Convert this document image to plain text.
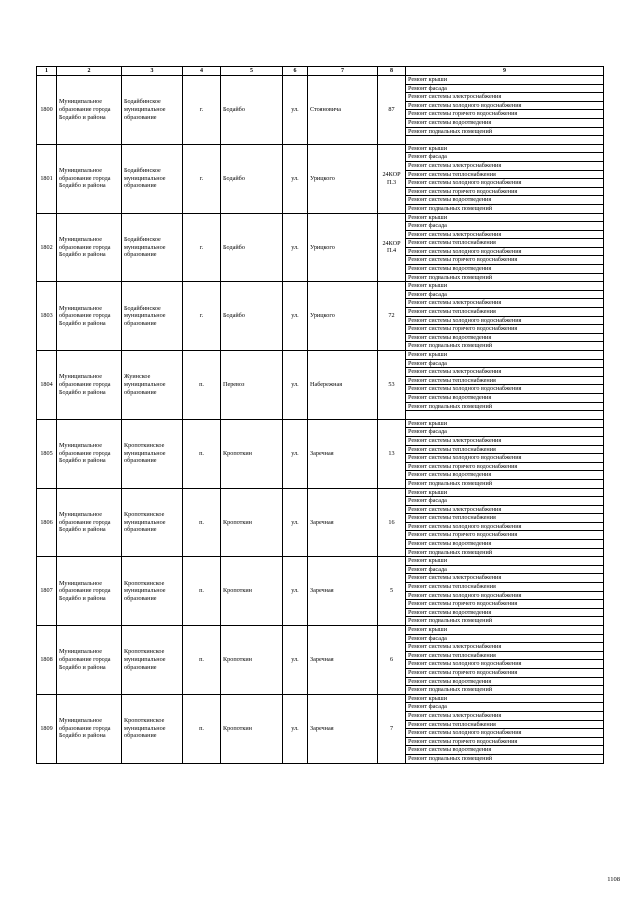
1	2	3	4	5	6	7	8	9
1800	Муниципальное образование города Бодайбо и района	Бодайбинское муниципальное образование	г.	Бодайбо	ул.	Стояновича	87	Ремонт крыши
								Ремонт фасада
								Ремонт системы электроснабжения
								Ремонт системы холодного водоснабжения
								Ремонт системы горячего водоснабжения
								Ремонт системы водоотведения
								Ремонт подвальных помещений

1801	Муниципальное образование города Бодайбо и района	Бодайбинское муниципальное образование	г.	Бодайбо	ул.	Урицкого	24КОР П.3	Ремонт крыши
								Ремонт фасада
								Ремонт системы электроснабжения
								Ремонт системы теплоснабжения
								Ремонт системы холодного водоснабжения
								Ремонт системы горячего водоснабжения
								Ремонт системы водоотведения
								Ремонт подвальных помещений
1802	Муниципальное образование города Бодайбо и района	Бодайбинское муниципальное образование	г.	Бодайбо	ул.	Урицкого	24КОР П.4	Ремонт крыши
								Ремонт фасада
								Ремонт системы электроснабжения
								Ремонт системы теплоснабжения
								Ремонт системы холодного водоснабжения
								Ремонт системы горячего водоснабжения
								Ремонт системы водоотведения
								Ремонт подвальных помещений
1803	Муниципальное образование города Бодайбо и района	Бодайбинское муниципальное образование	г.	Бодайбо	ул.	Урицкого	72	Ремонт крыши
								Ремонт фасада
								Ремонт системы электроснабжения
								Ремонт системы теплоснабжения
								Ремонт системы холодного водоснабжения
								Ремонт системы горячего водоснабжения
								Ремонт системы водоотведения
								Ремонт подвальных помещений
1804	Муниципальное образование города Бодайбо и района	Жуинское муниципальное образование	п.	Перевоз	ул.	Набережная	53	Ремонт крыши
								Ремонт фасада
								Ремонт системы электроснабжения
								Ремонт системы теплоснабжения
								Ремонт системы холодного водоснабжения
								Ремонт системы водоотведения
								Ремонт подвальных помещений

1805	Муниципальное образование города Бодайбо и района	Кропоткинское муниципальное образование	п.	Кропоткин	ул.	Заречная	13	Ремонт крыши
								Ремонт фасада
								Ремонт системы электроснабжения
								Ремонт системы теплоснабжения
								Ремонт системы холодного водоснабжения
								Ремонт системы горячего водоснабжения
								Ремонт системы водоотведения
								Ремонт подвальных помещений
1806	Муниципальное образование города Бодайбо и района	Кропоткинское муниципальное образование	п.	Кропоткин	ул.	Заречная	16	Ремонт крыши
								Ремонт фасада
								Ремонт системы электроснабжения
								Ремонт системы теплоснабжения
								Ремонт системы холодного водоснабжения
								Ремонт системы горячего водоснабжения
								Ремонт системы водоотведения
								Ремонт подвальных помещений
1807	Муниципальное образование города Бодайбо и района	Кропоткинское муниципальное образование	п.	Кропоткин	ул.	Заречная	5	Ремонт крыши
								Ремонт фасада
								Ремонт системы электроснабжения
								Ремонт системы теплоснабжения
								Ремонт системы холодного водоснабжения
								Ремонт системы горячего водоснабжения
								Ремонт системы водоотведения
								Ремонт подвальных помещений
1808	Муниципальное образование города Бодайбо и района	Кропоткинское муниципальное образование	п.	Кропоткин	ул.	Заречная	6	Ремонт крыши
								Ремонт фасада
								Ремонт системы электроснабжения
								Ремонт системы теплоснабжения
								Ремонт системы холодного водоснабжения
								Ремонт системы горячего водоснабжения
								Ремонт системы водоотведения
								Ремонт подвальных помещений
1809	Муниципальное образование города Бодайбо и района	Кропоткинское муниципальное образование	п.	Кропоткин	ул.	Заречная	7	Ремонт крыши
								Ремонт фасада
								Ремонт системы электроснабжения
								Ремонт системы теплоснабжения
								Ремонт системы холодного водоснабжения
								Ремонт системы горячего водоснабжения
								Ремонт системы водоотведения
								Ремонт подвальных помещений
1108
